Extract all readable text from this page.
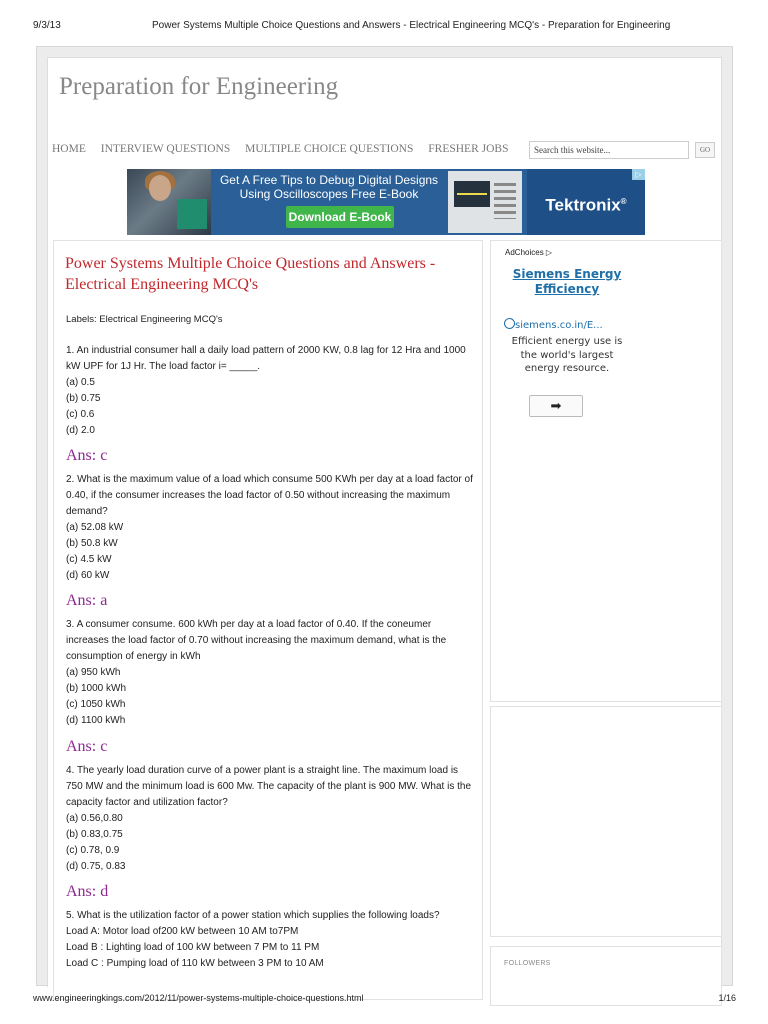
9/3/13	Power Systems Multiple Choice Questions and Answers - Electrical Engineering MCQ's - Preparation for Engineering
Preparation for Engineering
HOME INTERVIEW QUESTIONS MULTIPLE CHOICE QUESTIONS FRESHER JOBS	Search this website...	GO
Get A Free Tips to Debug Digital Designs
Using Oscilloscopes Free E-Book
Download E-Book
Tektronix®
▷
Power Systems Multiple Choice Questions and Answers - Electrical Engineering MCQ's
Labels: Electrical Engineering MCQ's

1. An industrial consumer hall a daily load pattern of 2000 KW, 0.8 lag for 12 Hra and 1000 kW UPF for 1J Hr. The load factor i= _____.

(a) 0.5

(b) 0.75

(c) 0.6

(d) 2.0

Ans: c

2. What is the maximum value of a load which consume 500 KWh per day at a load factor of 0.40, if the consumer increases the load factor of 0.50 without increasing the maximum demand?

(a) 52.08 kW

(b) 50.8 kW

(c) 4.5 kW

(d) 60 kW

Ans: a

3. A consumer consume. 600 kWh per day at a load factor of 0.40. If the coneumer increases the load factor of 0.70 without increasing the maximum demand, what is the consumption of energy in kWh

(a) 950 kWh

(b) 1000 kWh

(c) 1050 kWh

(d) 1100 kWh

Ans: c

4. The yearly load duration curve of a power plant is a straight line. The maximum load is 750 MW and the minimum load is 600 Mw. The capacity of the plant is 900 MW. What is the capacity factor and utilization factor?

(a) 0.56,0.80

(b) 0.83,0.75

(c) 0.78, 0.9

(d) 0.75, 0.83

Ans: d

5. What is the utilization factor of a power station which supplies the following loads?

Load A: Motor load of200 kW between 10 AM to7PM

Load B : Lighting load of 100 kW between 7 PM to 11 PM

Load C : Pumping load of 110 kW between 3 PM to 10 AM

AdChoices ▷
Siemens Energy Efficiency
siemens.co.in/E...
Efficient energy use is the world's largest energy resource.
➡
FOLLOWERS
www.engineeringkings.com/2012/11/power-systems-multiple-choice-questions.html	1/16
